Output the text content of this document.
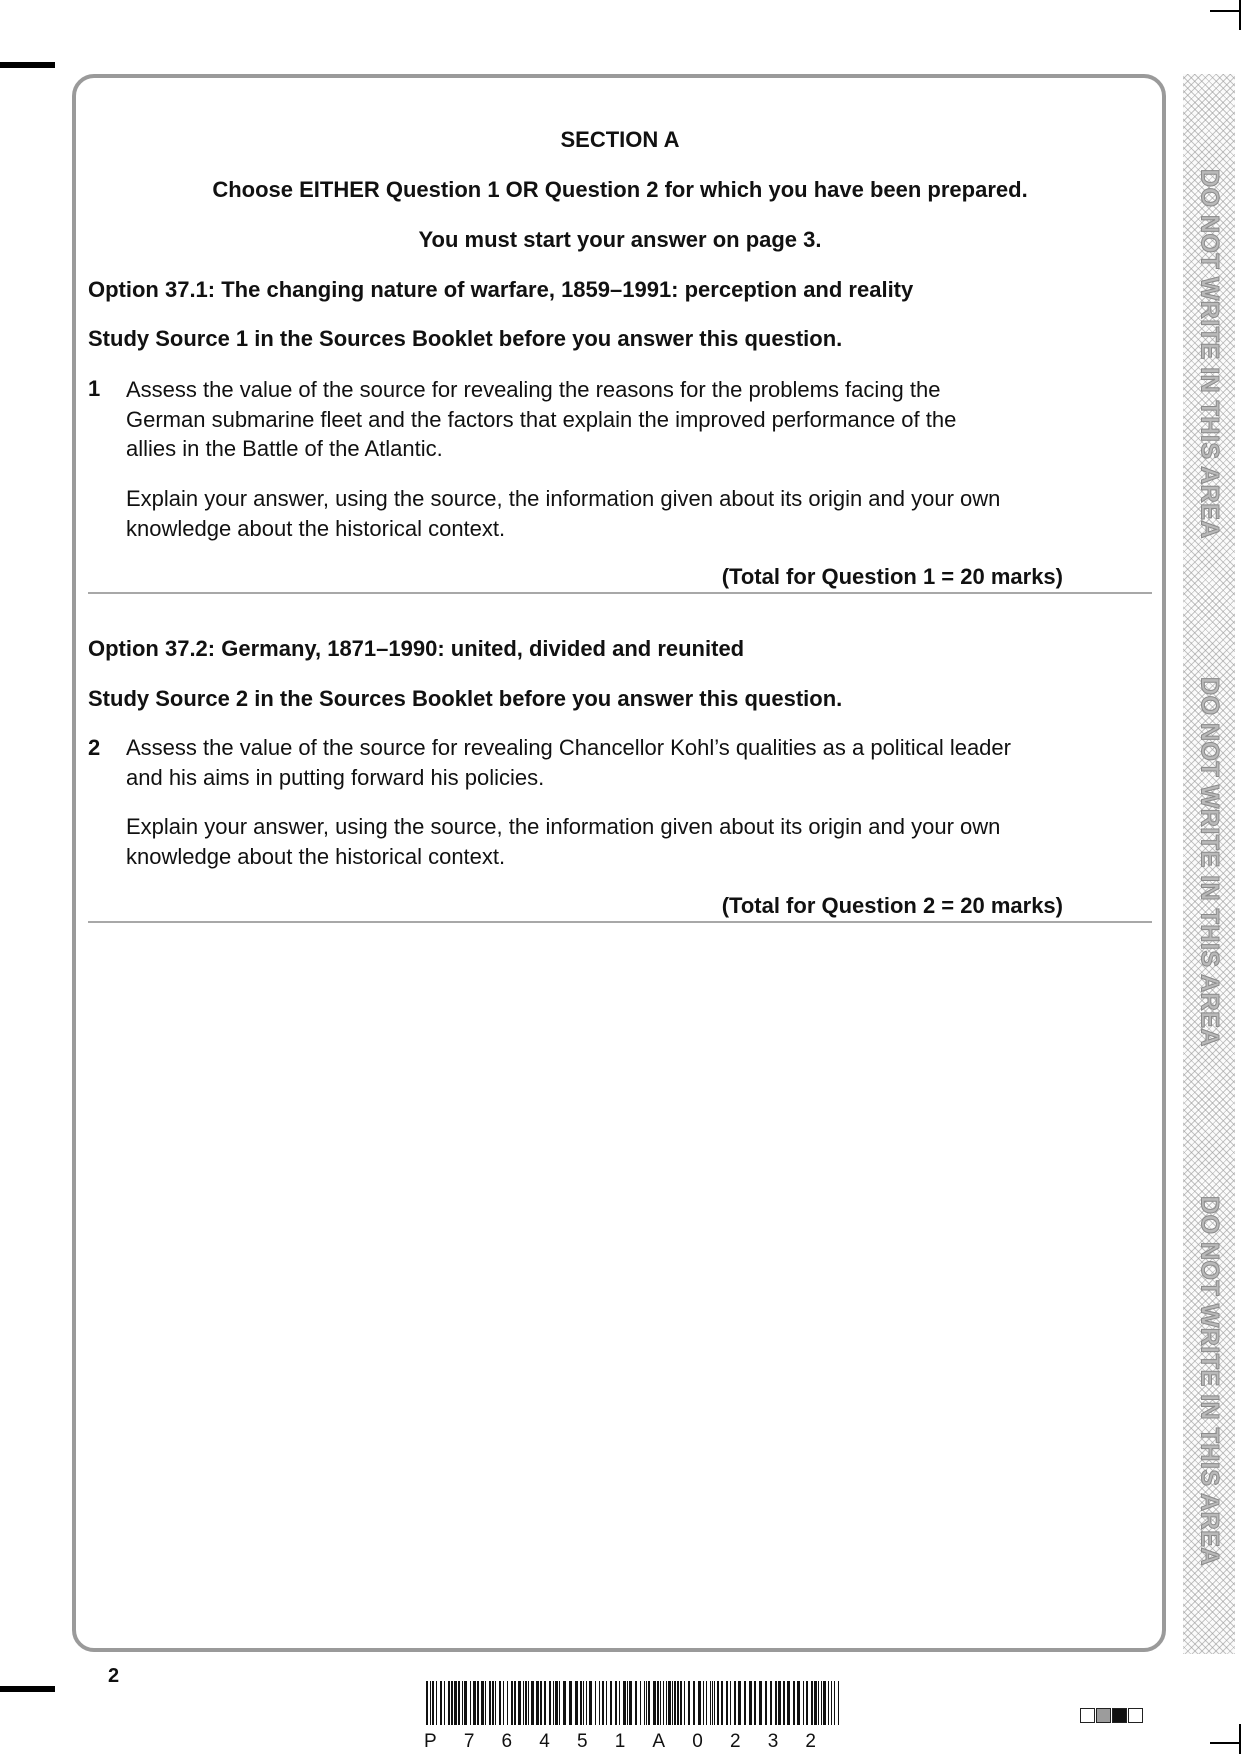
DO NOT WRITE IN THIS AREA
DO NOT WRITE IN THIS AREA
DO NOT WRITE IN THIS AREA
SECTION A
Choose EITHER Question 1 OR Question 2 for which you have been prepared.
You must start your answer on page 3.
Option 37.1: The changing nature of warfare, 1859–1991: perception and reality
Study Source 1 in the Sources Booklet before you answer this question.
1 Assess the value of the source for revealing the reasons for the problems facing the German submarine fleet and the factors that explain the improved performance of the allies in the Battle of the Atlantic.
Explain your answer, using the source, the information given about its origin and your own knowledge about the historical context.
(Total for Question 1 = 20 marks)
Option 37.2: Germany, 1871–1990: united, divided and reunited
Study Source 2 in the Sources Booklet before you answer this question.
2 Assess the value of the source for revealing Chancellor Kohl’s qualities as a political leader and his aims in putting forward his policies.
Explain your answer, using the source, the information given about its origin and your own knowledge about the historical context.
(Total for Question 2 = 20 marks)
2
P 7 6 4 5 1 A 0 2 3 2
